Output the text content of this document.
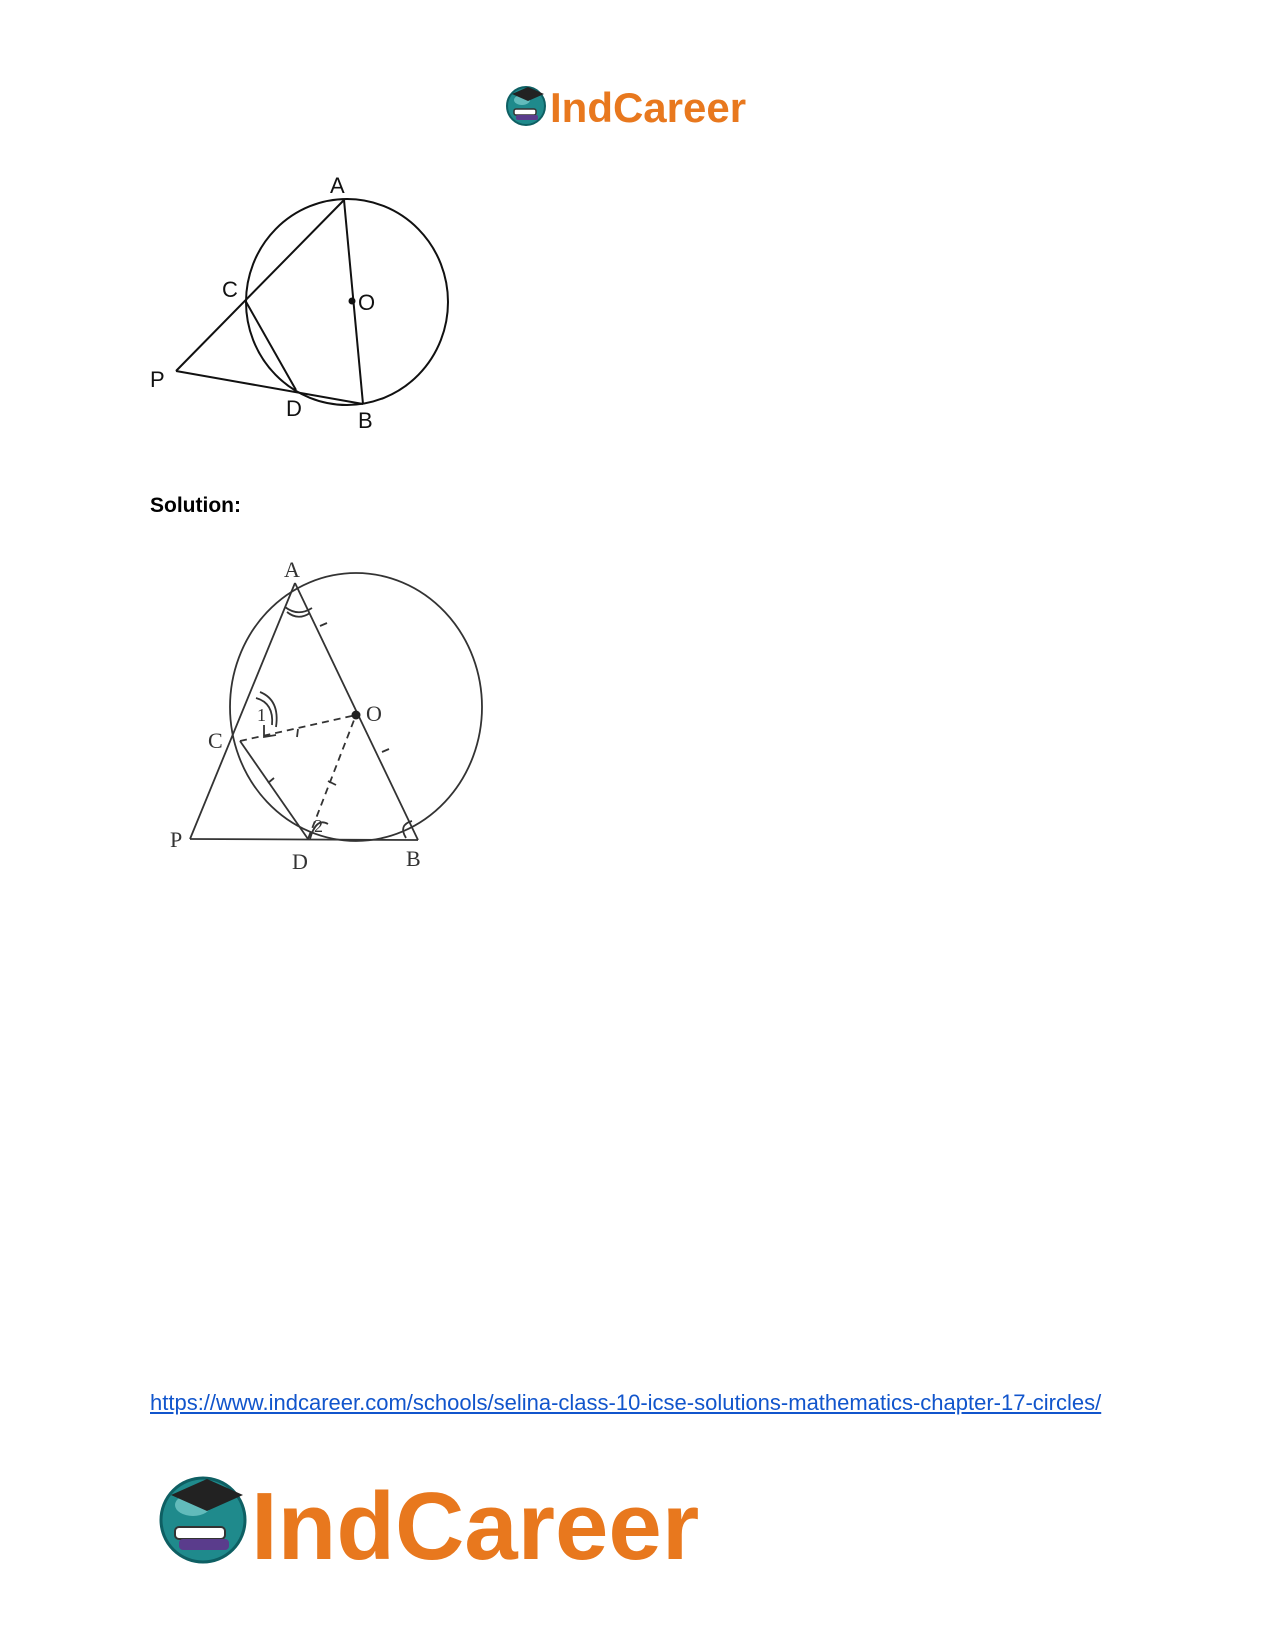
IndCareer
A
O
C
P
D	B

Solution:

A
O
C
P
D	B
1
2
https://www.indcareer.com/schools/selina-class-10-icse-solutions-mathematics-chapter-17-circles/
IndCareer
